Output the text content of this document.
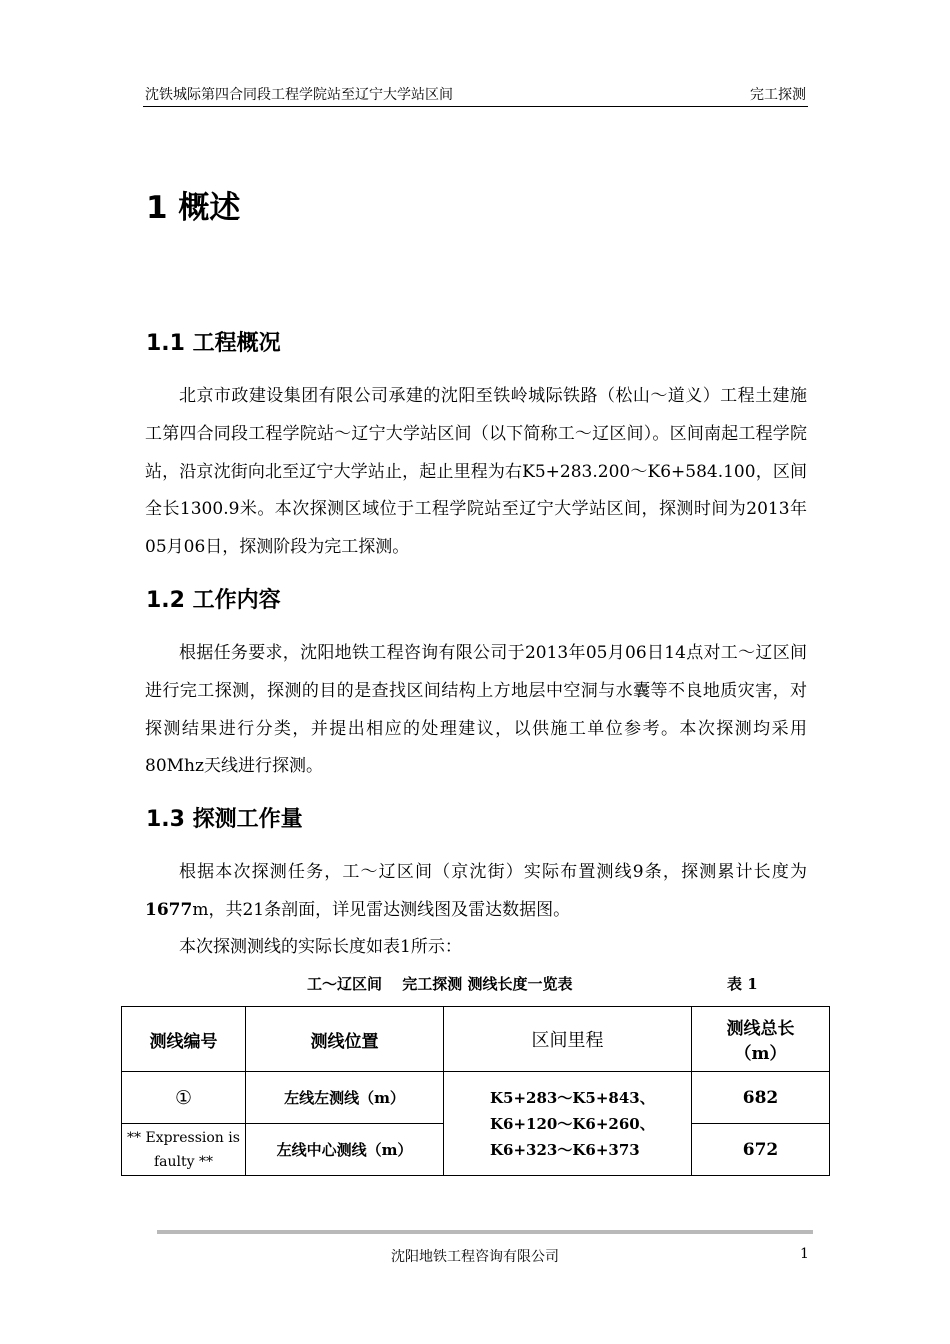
沈铁城际第四合同段工程学院站至辽宁大学站区间	完工探测
1 概述
1.1 工程概况

北京市政建设集团有限公司承建的沈阳至铁岭城际铁路（松山～道义）工程土建施工第四合同段工程学院站～辽宁大学站区间（以下简称工～辽区间）。区间南起工程学院站，沿京沈街向北至辽宁大学站止，起止里程为右K5+283.200～K6+584.100，区间全长1300.9米。本次探测区域位于工程学院站至辽宁大学站区间，探测时间为2013年05月06日，探测阶段为完工探测。

1.2 工作内容

根据任务要求，沈阳地铁工程咨询有限公司于2013年05月06日14点对工～辽区间进行完工探测，探测的目的是查找区间结构上方地层中空洞与水囊等不良地质灾害，对探测结果进行分类，并提出相应的处理建议，以供施工单位参考。本次探测均采用80Mhz天线进行探测。

1.3 探测工作量

根据本次探测任务，工～辽区间（京沈街）实际布置测线9条，探测累计长度为1677m，共21条剖面，详见雷达测线图及雷达数据图。

本次探测测线的实际长度如表1所示：

工～辽区间　 完工探测 测线长度一览表	表 1
测线编号	测线位置	区间里程	测线总长
（m）

①	左线左测线（m）	K5+283～K5+843、
K6+120～K6+260、
K6+323～K6+373	682
** Expression is faulty **	左线中心测线（m）		672
沈阳地铁工程咨询有限公司	1
